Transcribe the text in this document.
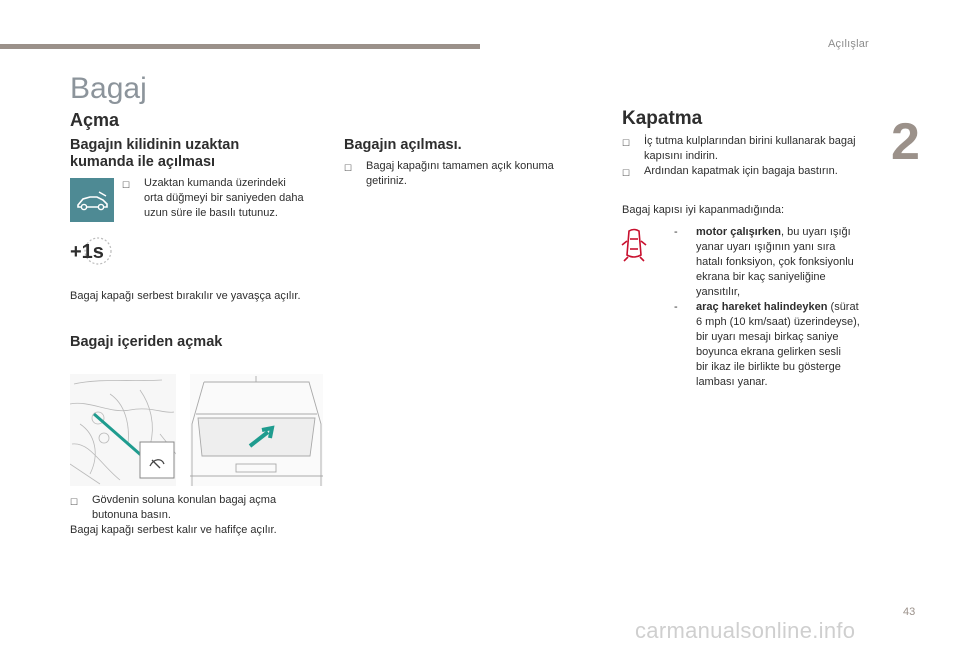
Açılışlar
2
Bagaj
Açma
Bagajın kilidinin uzaktan
kumanda ile açılması
☐	Uzaktan kumanda üzerindeki
orta düğmeyi bir saniyeden daha
uzun süre ile basılı tutunuz.
+1s
Bagaj kapağı serbest bırakılır ve yavaşça açılır.
Bagajı içeriden açmak
☐	Gövdenin soluna konulan bagaj açma
butonuna basın.
Bagaj kapağı serbest kalır ve hafifçe açılır.
Bagajın açılması.
☐	Bagaj kapağını tamamen açık konuma
getiriniz.
Kapatma
☐	İç tutma kulplarından birini kullanarak bagaj
kapısını indirin.
☐	Ardından kapatmak için bagaja bastırın.
Bagaj kapısı iyi kapanmadığında:
-	motor çalışırken, bu uyarı ışığı
yanar uyarı ışığının yanı sıra
hatalı fonksiyon, çok fonksiyonlu
ekrana bir kaç saniyeliğine
yansıtılır,
-	araç hareket halindeyken (sürat
6 mph (10 km/saat) üzerindeyse),
bir uyarı mesajı birkaç saniye
boyunca ekrana gelirken sesli
bir ikaz ile birlikte bu gösterge
lambası yanar.
43
carmanualsonline.info
